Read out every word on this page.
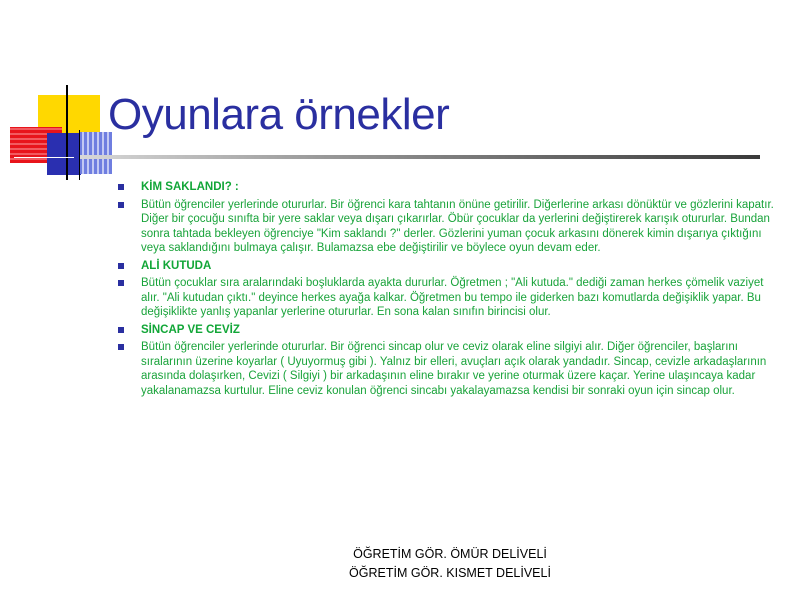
Oyunlara örnekler
KİM SAKLANDI? :
Bütün öğrenciler yerlerinde otururlar. Bir öğrenci kara tahtanın önüne getirilir. Diğerlerine arkası dönüktür ve gözlerini kapatır. Diğer bir çocuğu sınıfta bir yere saklar veya dışarı çıkarırlar. Öbür çocuklar da yerlerini değiştirerek karışık otururlar. Bundan sonra tahtada bekleyen öğrenciye "Kim saklandı ?" derler. Gözlerini yuman çocuk arkasını dönerek kimin dışarıya çıktığını veya saklandığını bulmaya çalışır. Bulamazsa ebe değiştirilir ve böylece oyun devam eder.
ALİ KUTUDA
Bütün çocuklar sıra aralarındaki boşluklarda ayakta dururlar. Öğretmen ; "Ali kutuda." dediği zaman herkes çömelik vaziyet alır. "Ali kutudan çıktı." deyince herkes ayağa kalkar. Öğretmen bu tempo ile giderken bazı komutlarda değişiklik yapar. Bu değişiklikte yanlış yapanlar yerlerine otururlar. En sona kalan sınıfın birincisi olur.
SİNCAP VE CEVİZ
Bütün öğrenciler yerlerinde otururlar. Bir öğrenci sincap olur ve ceviz olarak eline silgiyi alır. Diğer öğrenciler, başlarını sıralarının üzerine koyarlar ( Uyuyormuş gibi ). Yalnız bir elleri, avuçları açık olarak yandadır. Sincap, cevizle arkadaşlarının arasında dolaşırken, Cevizi ( Silgiyi ) bir arkadaşının eline bırakır ve yerine oturmak üzere kaçar. Yerine ulaşıncaya kadar yakalanamazsa kurtulur. Eline ceviz konulan öğrenci sincabı yakalayamazsa kendisi bir sonraki oyun için sincap olur.
ÖĞRETİM GÖR. ÖMÜR DELİVELİ
ÖĞRETİM GÖR. KISMET DELİVELİ
